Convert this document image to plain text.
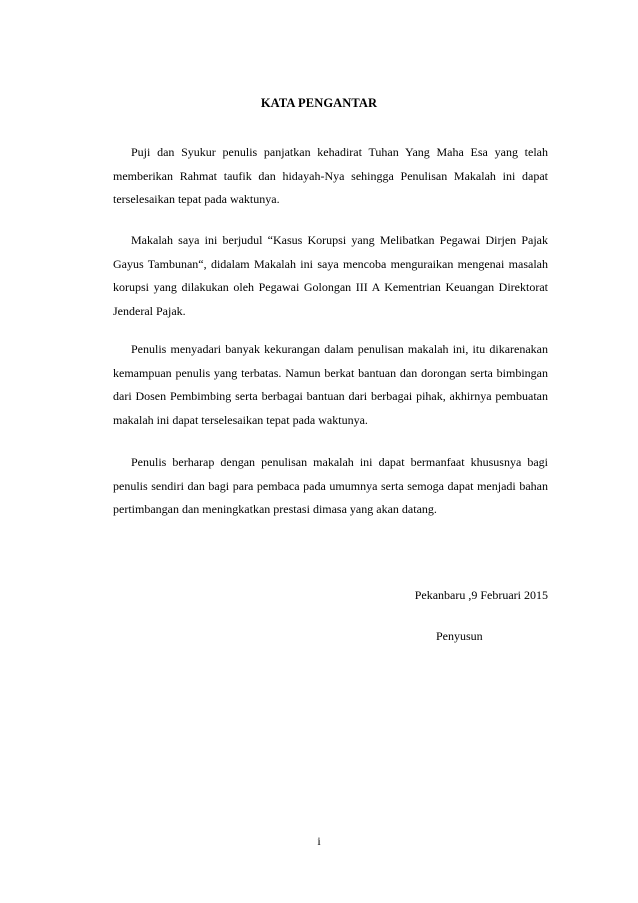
KATA PENGANTAR

Puji dan Syukur penulis panjatkan kehadirat Tuhan Yang Maha Esa yang telah memberikan Rahmat taufik dan hidayah-Nya sehingga Penulisan Makalah ini dapat terselesaikan tepat pada waktunya.

Makalah saya ini berjudul “Kasus Korupsi yang Melibatkan Pegawai Dirjen Pajak Gayus Tambunan“, didalam Makalah ini saya mencoba menguraikan mengenai masalah korupsi yang dilakukan oleh Pegawai Golongan III A Kementrian Keuangan Direktorat Jenderal Pajak.

Penulis menyadari banyak kekurangan dalam penulisan makalah ini, itu dikarenakan kemampuan penulis yang terbatas. Namun berkat bantuan dan dorongan serta bimbingan dari Dosen Pembimbing serta berbagai bantuan dari berbagai pihak, akhirnya pembuatan makalah ini dapat terselesaikan tepat pada waktunya.

Penulis berharap dengan penulisan makalah ini dapat bermanfaat khususnya bagi penulis sendiri dan bagi para pembaca pada umumnya serta semoga dapat menjadi bahan pertimbangan dan meningkatkan prestasi dimasa yang akan datang.

Pekanbaru ,9 Februari 2015

Penyusun

i
